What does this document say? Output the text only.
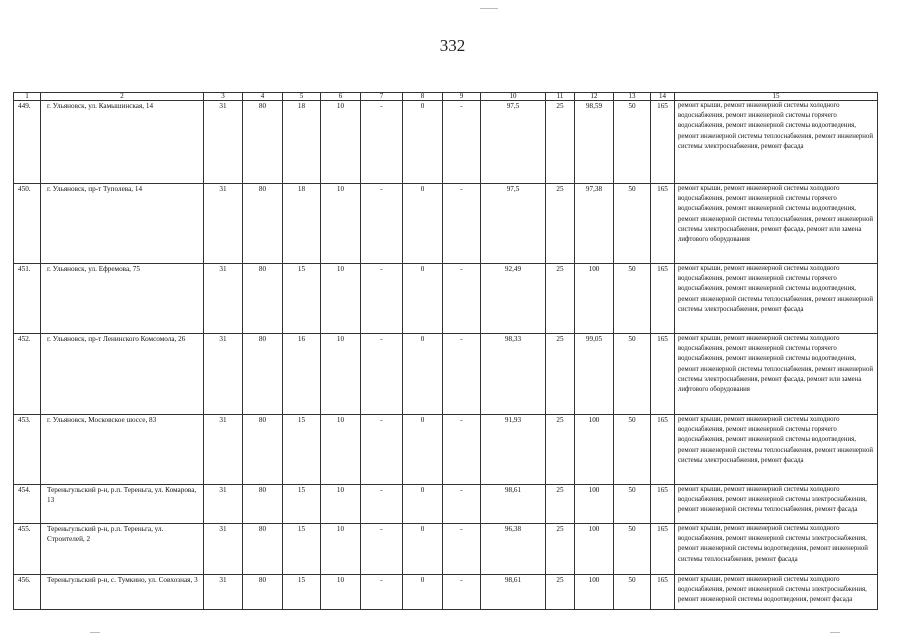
332
1	2	3	4	5	6	7	8	9	10	11	12	13	14	15
449.	г. Ульяновск, ул. Камышинская, 14	31	80	18	10	-	0	-	97,5	25	98,59	50	165	ремонт крыши, ремонт инженерной системы холодного водоснабжения, ремонт инженерной системы горячего водоснабжения, ремонт инженерной системы водоотведения, ремонт инженерной системы теплоснабжения, ремонт инженерной системы электроснабжения, ремонт фасада
450.	г. Ульяновск, пр-т Туполева, 14	31	80	18	10	-	0	-	97,5	25	97,38	50	165	ремонт крыши, ремонт инженерной системы холодного водоснабжения, ремонт инженерной системы горячего водоснабжения, ремонт инженерной системы водоотведения, ремонт инженерной системы теплоснабжения, ремонт инженерной системы электроснабжения, ремонт фасада, ремонт или замена лифтового оборудования
451.	г. Ульяновск, ул. Ефремова, 75	31	80	15	10	-	0	-	92,49	25	100	50	165	ремонт крыши, ремонт инженерной системы холодного водоснабжения, ремонт инженерной системы горячего водоснабжения, ремонт инженерной системы водоотведения, ремонт инженерной системы теплоснабжения, ремонт инженерной системы электроснабжения, ремонт фасада
452.	г. Ульяновск, пр-т Ленинского Комсомола, 26	31	80	16	10	-	0	-	98,33	25	99,05	50	165	ремонт крыши, ремонт инженерной системы холодного водоснабжения, ремонт инженерной системы горячего водоснабжения, ремонт инженерной системы водоотведения, ремонт инженерной системы теплоснабжения, ремонт инженерной системы электроснабжения, ремонт фасада, ремонт или замена лифтового оборудования
453.	г. Ульяновск, Московское шоссе, 83	31	80	15	10	-	0	-	91,93	25	100	50	165	ремонт крыши, ремонт инженерной системы холодного водоснабжения, ремонт инженерной системы горячего водоснабжения, ремонт инженерной системы водоотведения, ремонт инженерной системы теплоснабжения, ремонт инженерной системы электроснабжения, ремонт фасада
454.	Тереньгульский р-н, р.п. Тереньга, ул. Комарова, 13	31	80	15	10	-	0	-	98,61	25	100	50	165	ремонт крыши, ремонт инженерной системы холодного водоснабжения, ремонт инженерной системы электроснабжения, ремонт инженерной системы теплоснабжения, ремонт фасада
455.	Тереньгульский р-н, р.п. Тереньга, ул. Строителей, 2	31	80	15	10	-	0	-	96,38	25	100	50	165	ремонт крыши, ремонт инженерной системы холодного водоснабжения, ремонт инженерной системы электроснабжения, ремонт инженерной системы водоотведения, ремонт инженерной системы теплоснабжения, ремонт фасада
456.	Тереньгульский р-н, с. Тумкино, ул. Совхозная, 3	31	80	15	10	-	0	-	98,61	25	100	50	165	ремонт крыши, ремонт инженерной системы холодного водоснабжения, ремонт инженерной системы электроснабжения, ремонт инженерной системы водоотведения, ремонт фасада
